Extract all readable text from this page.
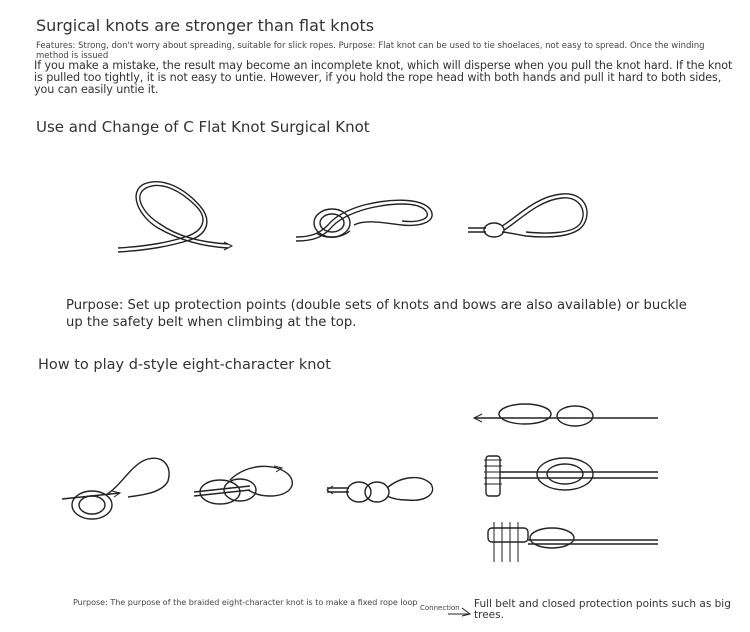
Surgical knots are stronger than flat knots
Features: Strong, don't worry about spreading, suitable for slick ropes. Purpose: Flat knot can be used to tie shoelaces, not easy to spread. Once the winding method is issued
If you make a mistake, the result may become an incomplete knot, which will disperse when you pull the knot hard. If the knot is pulled too tightly, it is not easy to untie. However, if you hold the rope head with both hands and pull it hard to both sides, you can easily untie it.
Use and Change of C Flat Knot Surgical Knot
Purpose: Set up protection points (double sets of knots and bows are also available) or buckle up the safety belt when climbing at the top.
How to play d-style eight-character knot
Purpose: The purpose of the braided eight-character knot is to make a fixed rope loop
Connection Full belt and closed protection points such as big trees.
